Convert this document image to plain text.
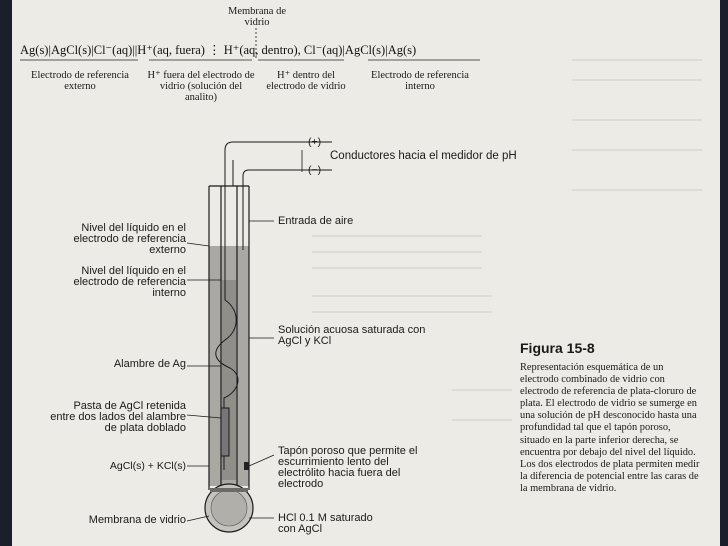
Membrana de vidrio
Ag(s)|AgCl(s)|Cl⁻(aq)||H⁺(aq, fuera) ⋮ H⁺(aq, dentro), Cl⁻(aq)|AgCl(s)|Ag(s)
Electrodo de referencia externo
H⁺ fuera del electrodo de vidrio (solución del analito)
H⁺ dentro del electrodo de vidrio
Electrodo de referencia interno
(+)
(−)
Conductores hacia el medidor de pH
Entrada de aire
Nivel del líquido en el electrodo de referencia externo
Nivel del líquido en el electrodo de referencia interno
Solución acuosa saturada con AgCl y KCl
Alambre de Ag
Pasta de AgCl retenida entre dos lados del alambre de plata doblado
Tapón poroso que permite el escurrimiento lento del electrólito hacia fuera del electrodo
AgCl(s) + KCl(s)
Membrana de vidrio	HCl 0.1 M saturado con AgCl
Figura 15-8
Representación esquemática de un electrodo combinado de vidrio con electrodo de referencia de plata-cloruro de plata. El electrodo de vidrio se sumerge en una solución de pH desconocido hasta una profundidad tal que el tapón poroso, situado en la parte inferior derecha, se encuentra por debajo del nivel del líquido. Los dos electrodos de plata permiten medir la diferencia de potencial entre las caras de la membrana de vidrio.
